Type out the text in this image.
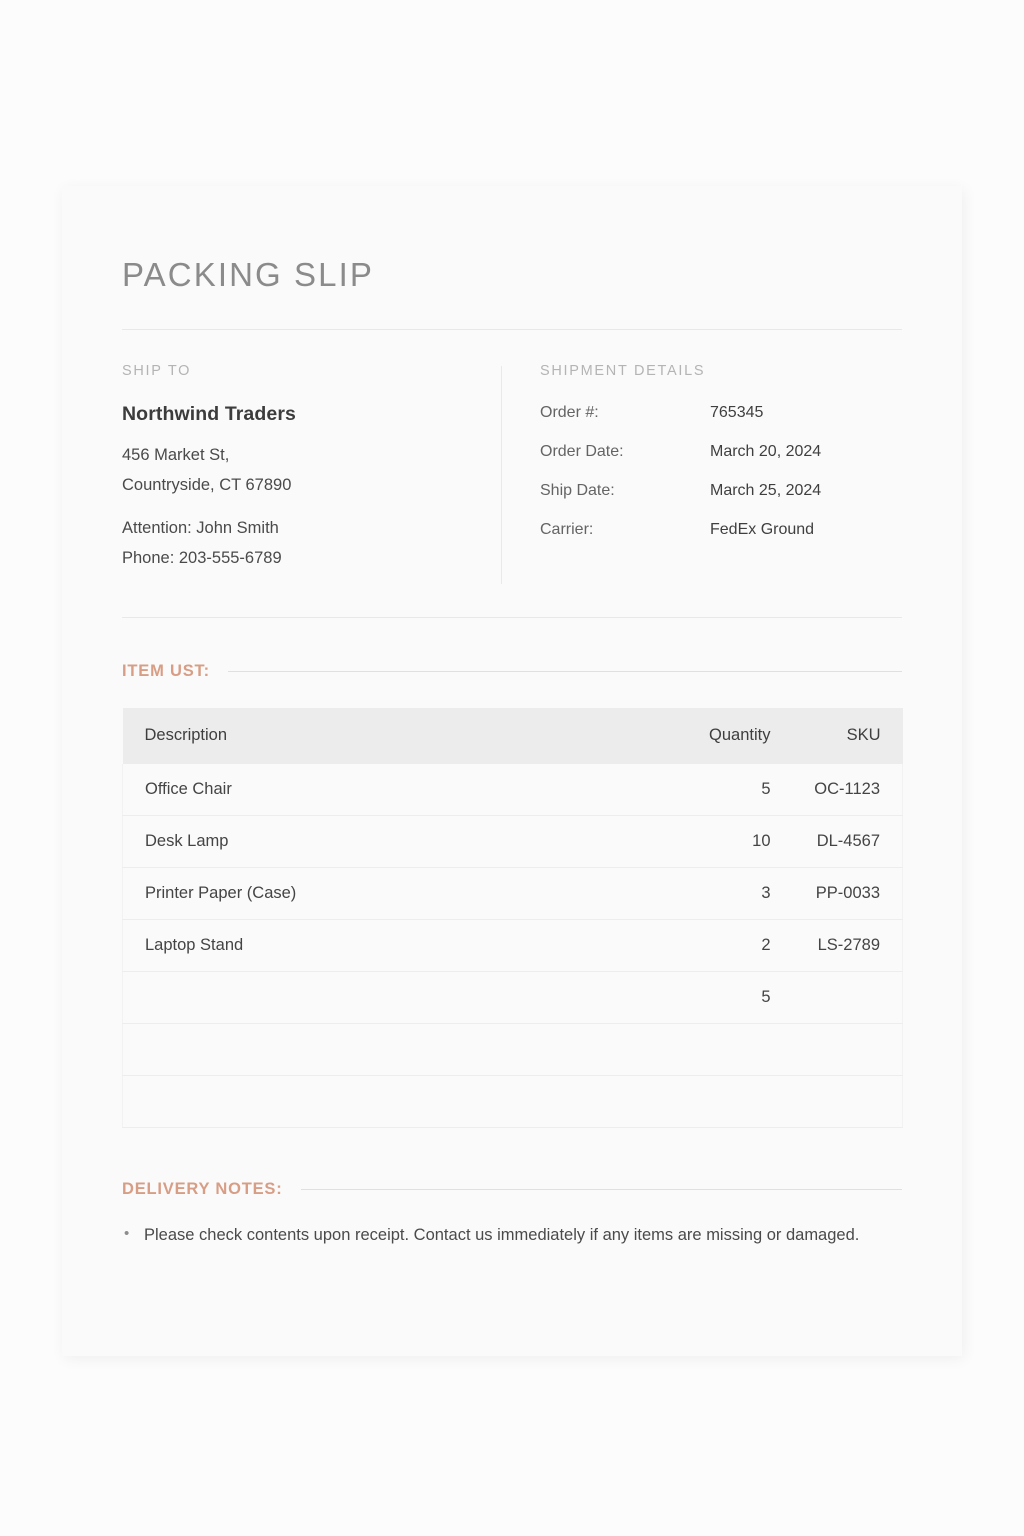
PACKING SLIP
SHIP TO
Northwind Traders
456 Market St,
Countryside, CT 67890
Attention: John Smith
Phone: 203-555-6789
SHIPMENT DETAILS
Order #:	765345
Order Date:	March 20, 2024
Ship Date:	March 25, 2024
Carrier:	FedEx Ground
ITEM UST:
Description	Quantity	SKU
Office Chair	5	OC-1123
Desk Lamp	10	DL-4567
Printer Paper (Case)	3	PP-0033
Laptop Stand	2	LS-2789
	5	

DELIVERY NOTES:
• Please check contents upon receipt. Contact us immediately if any items are missing or damaged.
